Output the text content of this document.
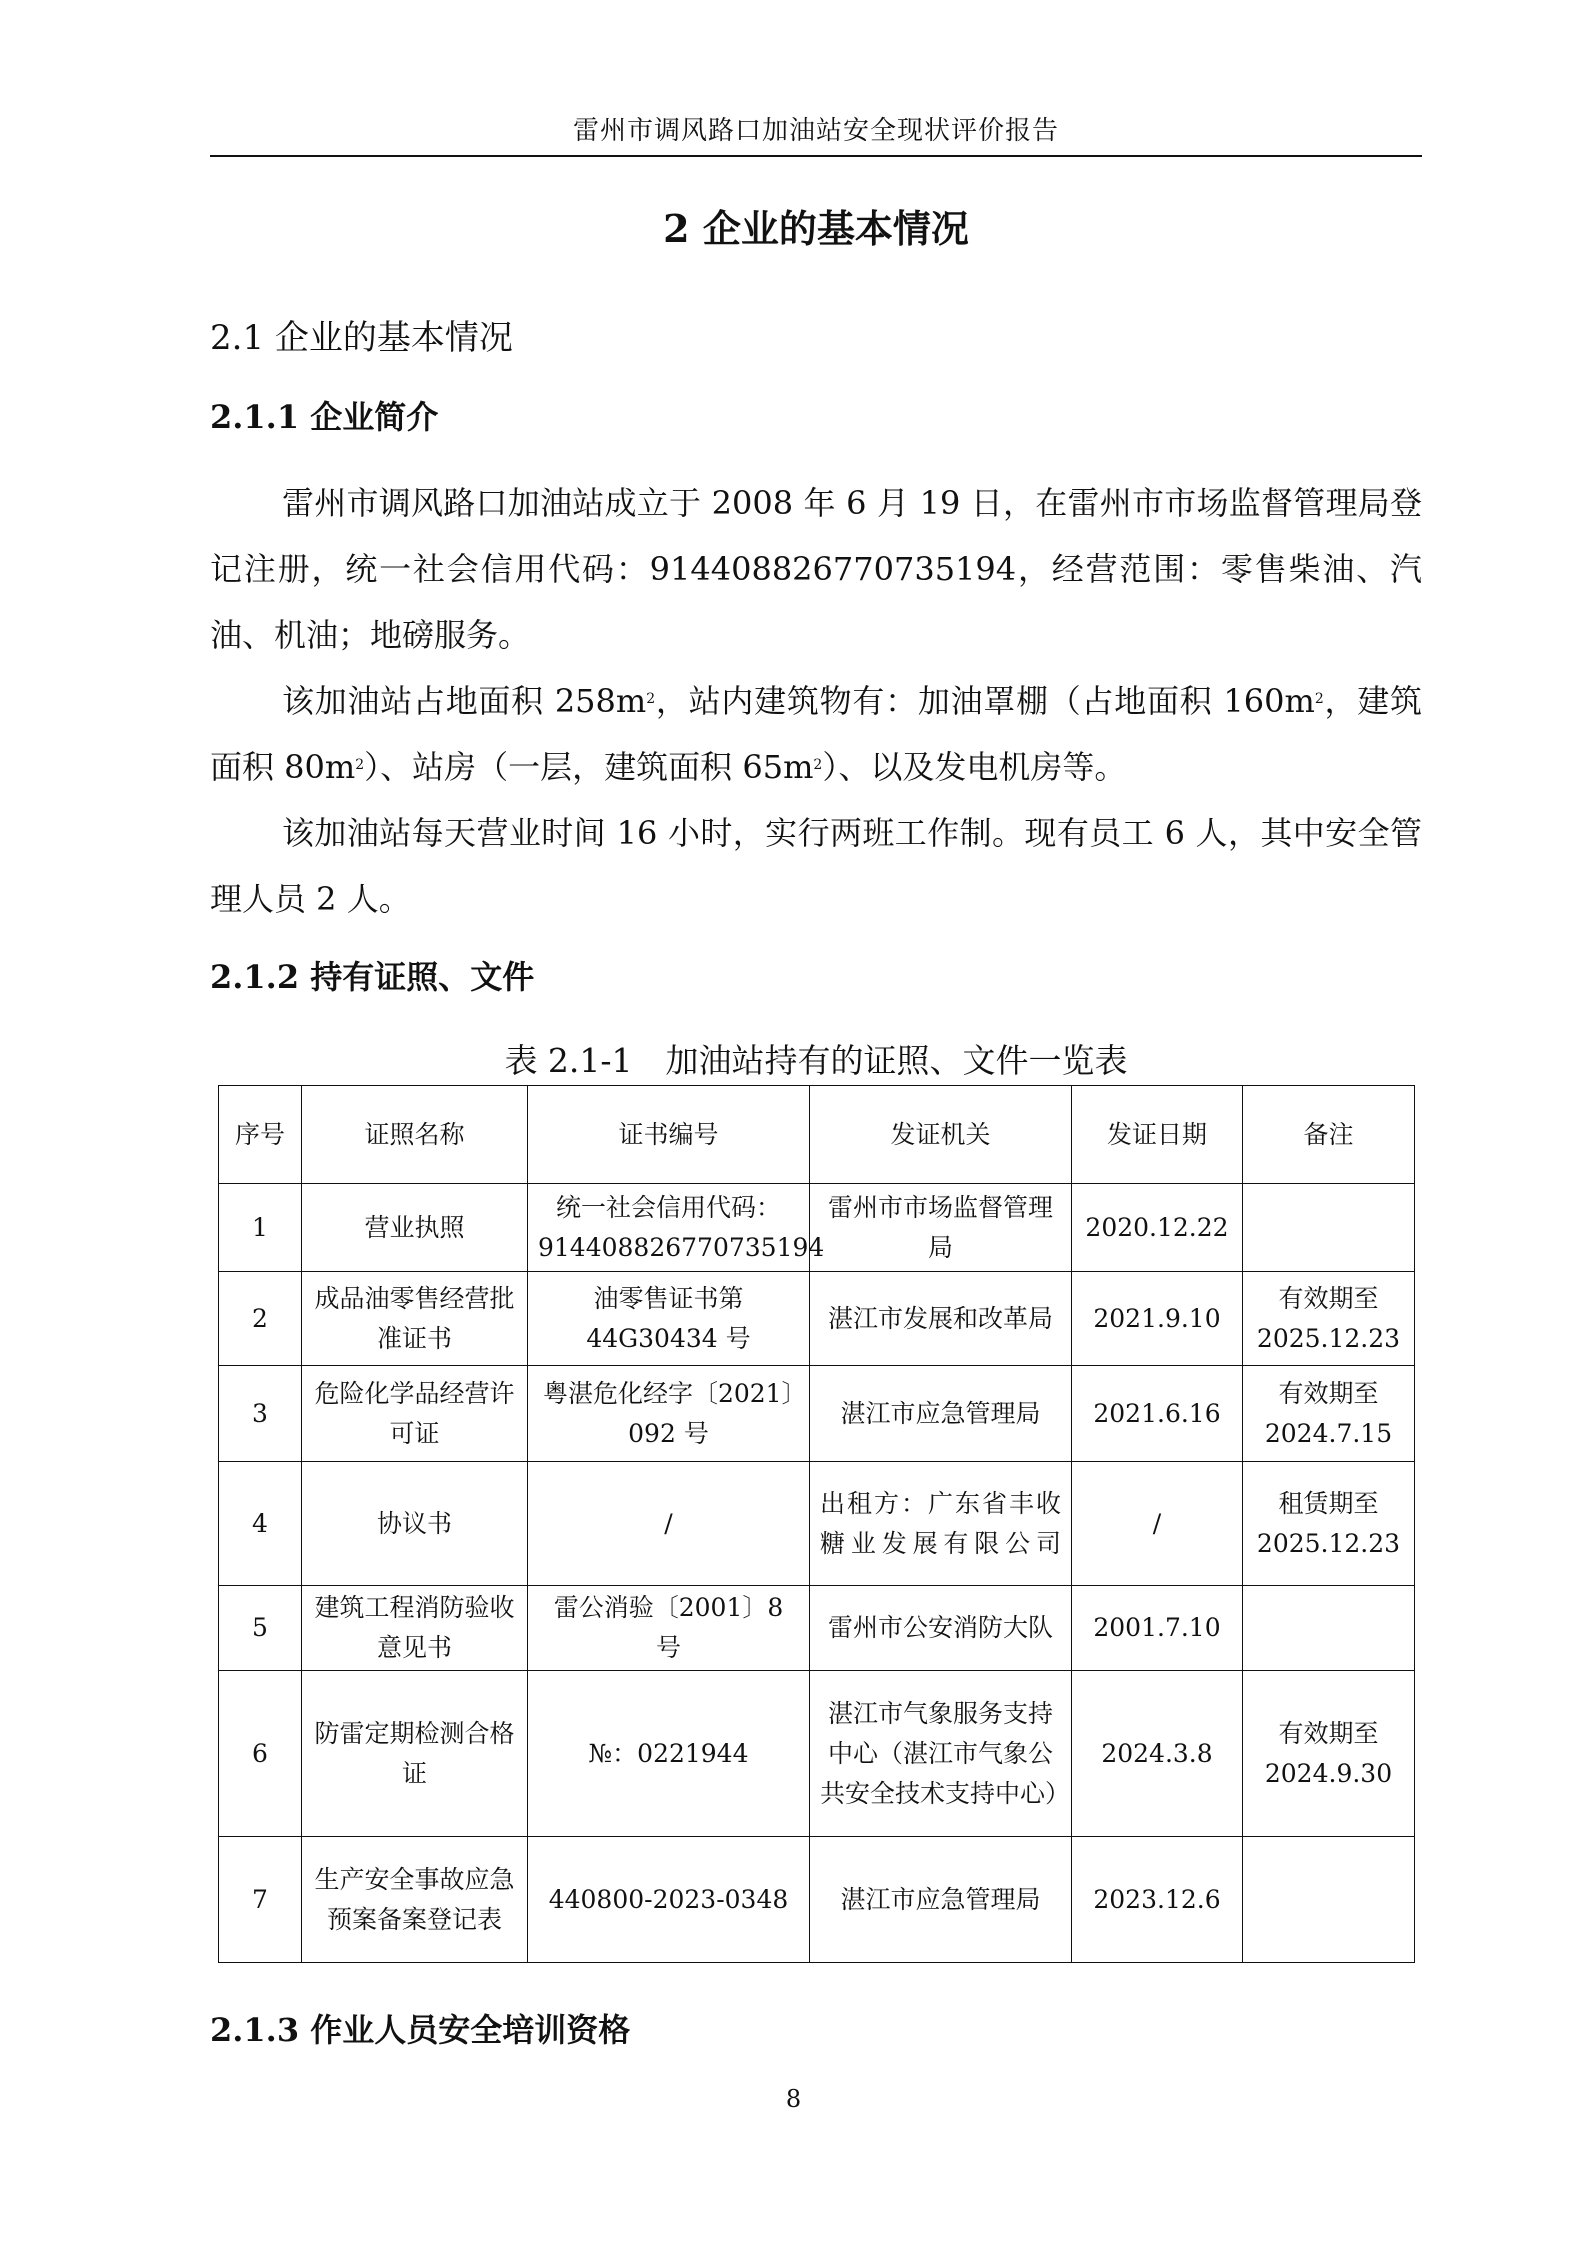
雷州市调风路口加油站安全现状评价报告
2 企业的基本情况
2.1 企业的基本情况
2.1.1 企业简介

雷州市调风路口加油站成立于 2008 年 6 月 19 日，在雷州市市场监督管理局登记注册，统一社会信用代码：914408826770735194，经营范围：零售柴油、汽油、机油；地磅服务。

该加油站占地面积 $258m^2$，站内建筑物有：加油罩棚（占地面积 $160m^2$，建筑面积 $80m^2$）、站房（一层，建筑面积 $65m^2$）、以及发电机房等。

该加油站每天营业时间 16 小时，实行两班工作制。现有员工 6 人，其中安全管理人员 2 人。

2.1.2 持有证照、文件
表 2.1-1　加油站持有的证照、文件一览表
序号	证照名称	证书编号	发证机关	发证日期	备注
1	营业执照	统一社会信用代码：914408826770735194	雷州市市场监督管理局	2020.12.22	
2	成品油零售经营批准证书	油零售证书第 44G30434 号	湛江市发展和改革局	2021.9.10	有效期至 2025.12.23
3	危险化学品经营许可证	粤湛危化经字〔2021〕092 号	湛江市应急管理局	2021.6.16	有效期至 2024.7.15
4	协议书	/	出租方：广东省丰收糖业发展有限公司	/	租赁期至 2025.12.23
5	建筑工程消防验收意见书	雷公消验〔2001〕8 号	雷州市公安消防大队	2001.7.10	
6	防雷定期检测合格证	№：0221944	湛江市气象服务支持中心（湛江市气象公共安全技术支持中心）	2024.3.8	有效期至 2024.9.30
7	生产安全事故应急预案备案登记表	440800-2023-0348	湛江市应急管理局	2023.12.6	
2.1.3 作业人员安全培训资格
8
